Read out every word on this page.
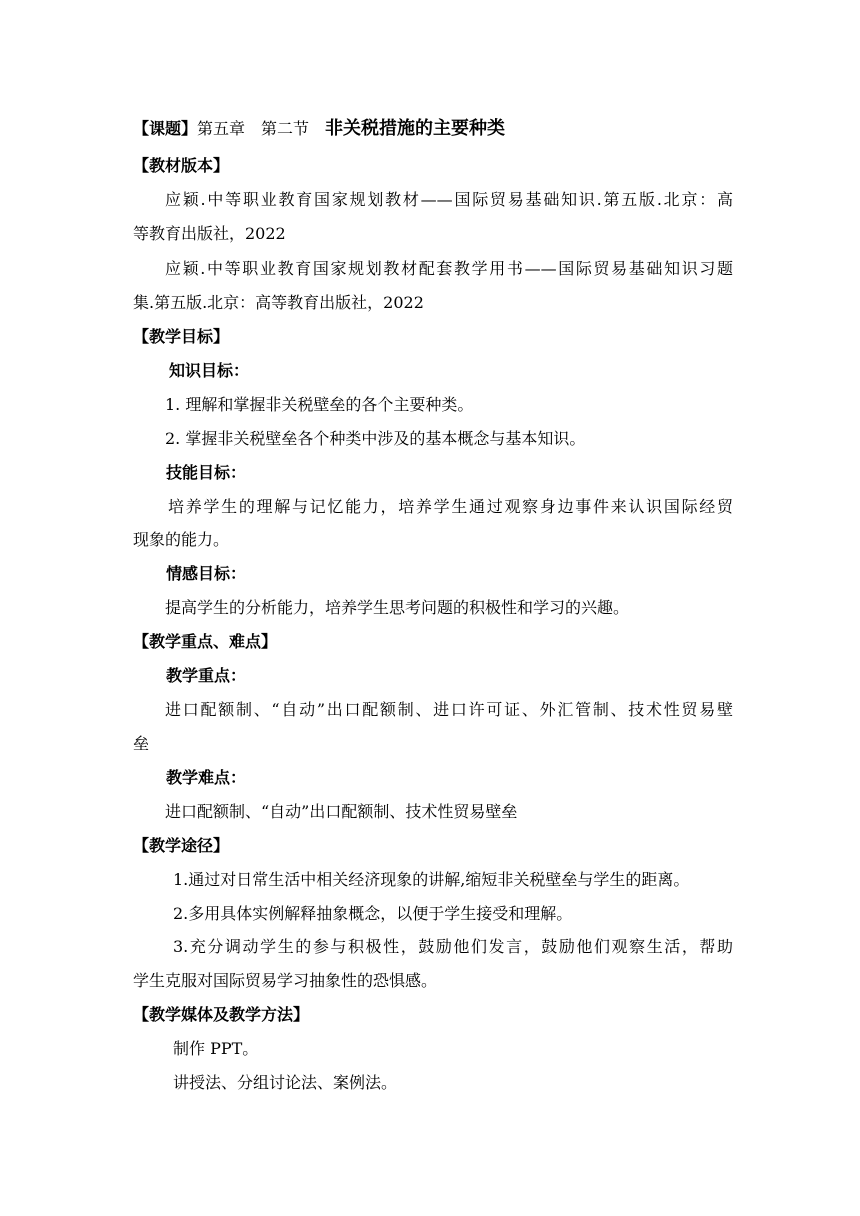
【课题】第五章 第二节 非关税措施的主要种类
【教材版本】
应颖.中等职业教育国家规划教材——国际贸易基础知识.第五版.北京：高
等教育出版社，2022
应颖.中等职业教育国家规划教材配套教学用书——国际贸易基础知识习题
集.第五版.北京：高等教育出版社，2022
【教学目标】
知识目标：
1. 理解和掌握非关税壁垒的各个主要种类。
2. 掌握非关税壁垒各个种类中涉及的基本概念与基本知识。
技能目标：
培养学生的理解与记忆能力，培养学生通过观察身边事件来认识国际经贸
现象的能力。
情感目标：
提高学生的分析能力，培养学生思考问题的积极性和学习的兴趣。
【教学重点、难点】
教学重点：
进口配额制、“自动”出口配额制、进口许可证、外汇管制、技术性贸易壁
垒
教学难点：
进口配额制、“自动”出口配额制、技术性贸易壁垒
【教学途径】
1.通过对日常生活中相关经济现象的讲解,缩短非关税壁垒与学生的距离。
2.多用具体实例解释抽象概念，以便于学生接受和理解。
3.充分调动学生的参与积极性，鼓励他们发言，鼓励他们观察生活，帮助
学生克服对国际贸易学习抽象性的恐惧感。
【教学媒体及教学方法】
制作 PPT。
讲授法、分组讨论法、案例法。
